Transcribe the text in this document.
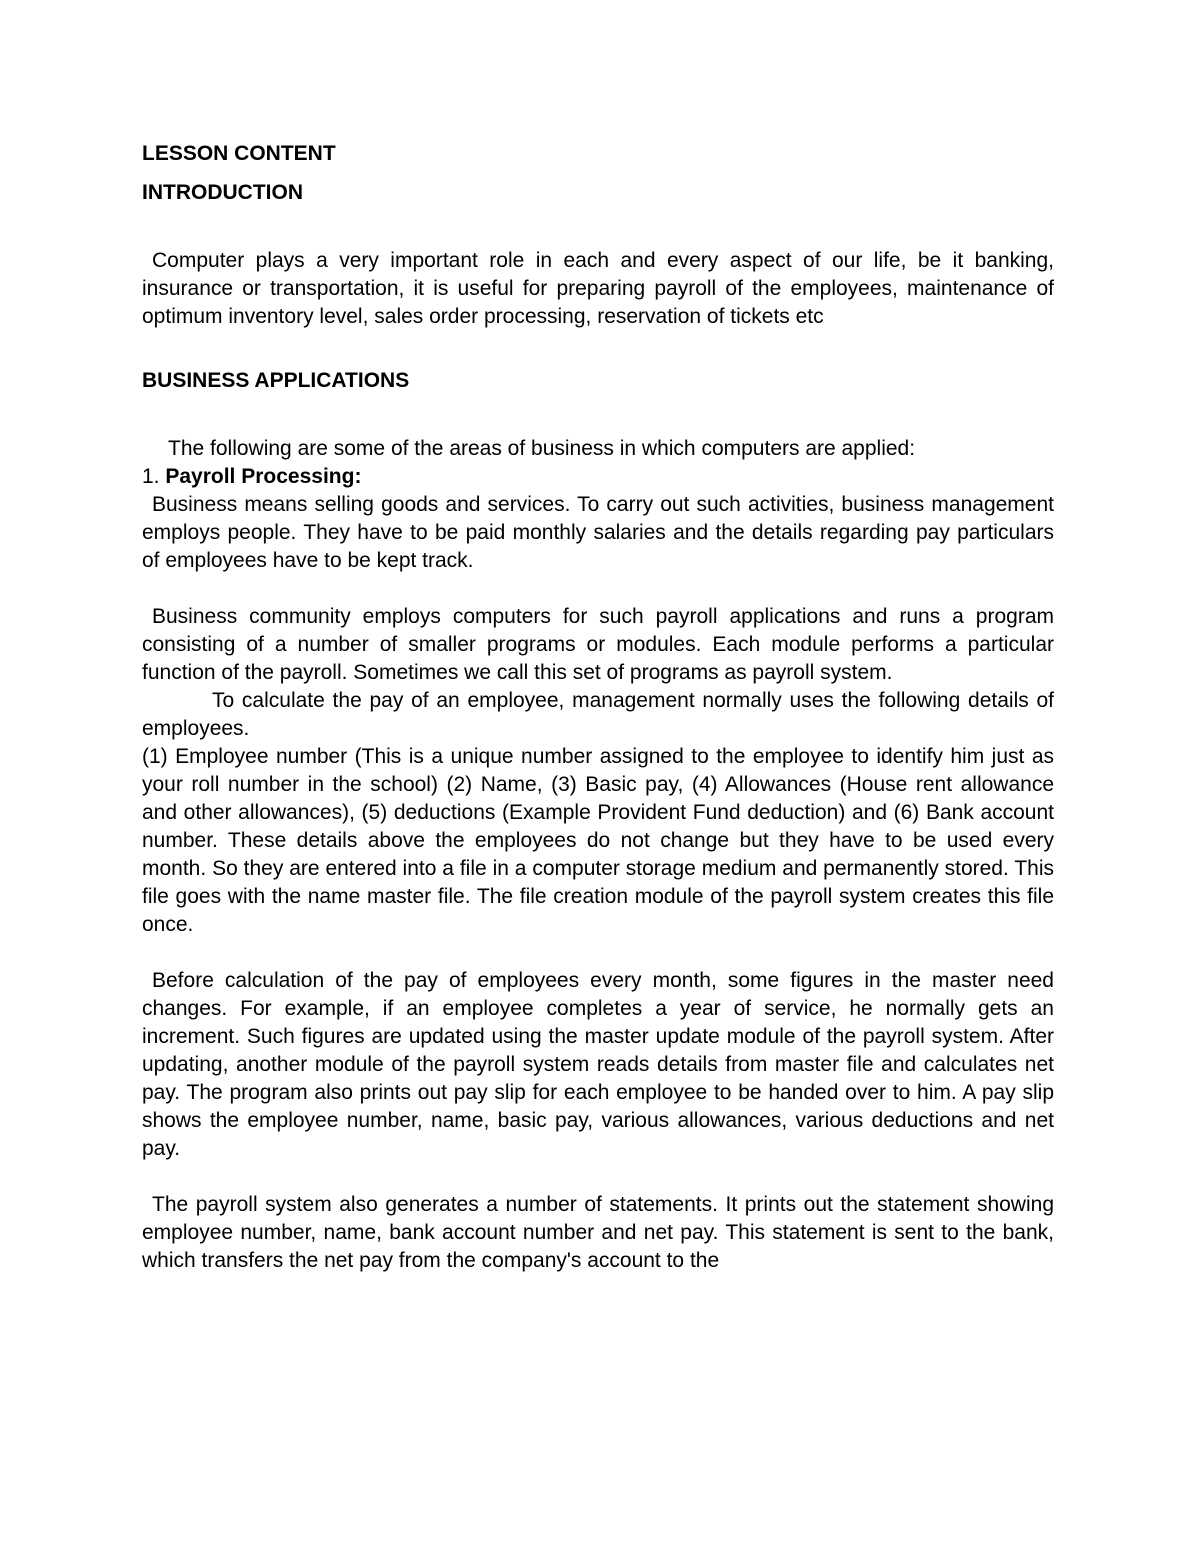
LESSON CONTENT

INTRODUCTION

Computer plays a very important role in each and every aspect of our life, be it banking, insurance or transportation, it is useful for preparing payroll of the employees, maintenance of optimum inventory level, sales order processing, reservation of tickets etc

BUSINESS APPLICATIONS

The following are some of the areas of business in which computers are applied:

1. Payroll Processing:

Business means selling goods and services. To carry out such activities, business management employs people. They have to be paid monthly salaries and the details regarding pay particulars of employees have to be kept track.

Business community employs computers for such payroll applications and runs a program consisting of a number of smaller programs or modules. Each module performs a particular function of the payroll. Sometimes we call this set of programs as payroll system.

To calculate the pay of an employee, management normally uses the following details of employees.

(1) Employee number (This is a unique number assigned to the employee to identify him just as your roll number in the school) (2) Name, (3) Basic pay, (4) Allowances (House rent allowance and other allowances), (5) deductions (Example Provident Fund deduction) and (6) Bank account number. These details above the employees do not change but they have to be used every month. So they are entered into a file in a computer storage medium and permanently stored. This file goes with the name master file. The file creation module of the payroll system creates this file once.

Before calculation of the pay of employees every month, some figures in the master need changes. For example, if an employee completes a year of service, he normally gets an increment. Such figures are updated using the master update module of the payroll system. After updating, another module of the payroll system reads details from master file and calculates net pay. The program also prints out pay slip for each employee to be handed over to him. A pay slip shows the employee number, name, basic pay, various allowances, various deductions and net pay.

The payroll system also generates a number of statements. It prints out the statement showing employee number, name, bank account number and net pay. This statement is sent to the bank, which transfers the net pay from the company's account to the
